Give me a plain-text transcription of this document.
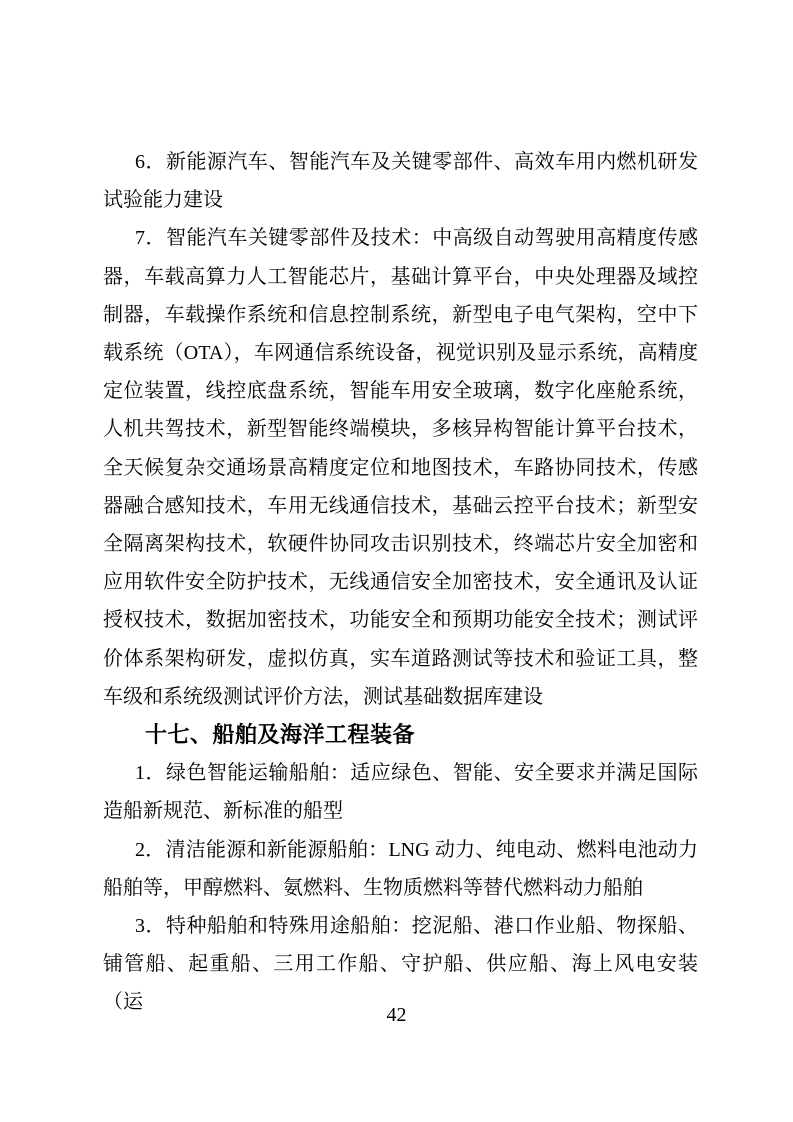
6．新能源汽车、智能汽车及关键零部件、高效车用内燃机研发试验能力建设

7．智能汽车关键零部件及技术：中高级自动驾驶用高精度传感器，车载高算力人工智能芯片，基础计算平台，中央处理器及域控制器，车载操作系统和信息控制系统，新型电子电气架构，空中下载系统（OTA），车网通信系统设备，视觉识别及显示系统，高精度定位装置，线控底盘系统，智能车用安全玻璃，数字化座舱系统，人机共驾技术，新型智能终端模块，多核异构智能计算平台技术，全天候复杂交通场景高精度定位和地图技术，车路协同技术，传感器融合感知技术，车用无线通信技术，基础云控平台技术；新型安全隔离架构技术，软硬件协同攻击识别技术，终端芯片安全加密和应用软件安全防护技术，无线通信安全加密技术，安全通讯及认证授权技术，数据加密技术，功能安全和预期功能安全技术；测试评价体系架构研发，虚拟仿真，实车道路测试等技术和验证工具，整车级和系统级测试评价方法，测试基础数据库建设

十七、船舶及海洋工程装备

1．绿色智能运输船舶：适应绿色、智能、安全要求并满足国际造船新规范、新标准的船型

2．清洁能源和新能源船舶：LNG 动力、纯电动、燃料电池动力船舶等，甲醇燃料、氨燃料、生物质燃料等替代燃料动力船舶

3．特种船舶和特殊用途船舶：挖泥船、港口作业船、物探船、铺管船、起重船、三用工作船、守护船、供应船、海上风电安装（运

42
